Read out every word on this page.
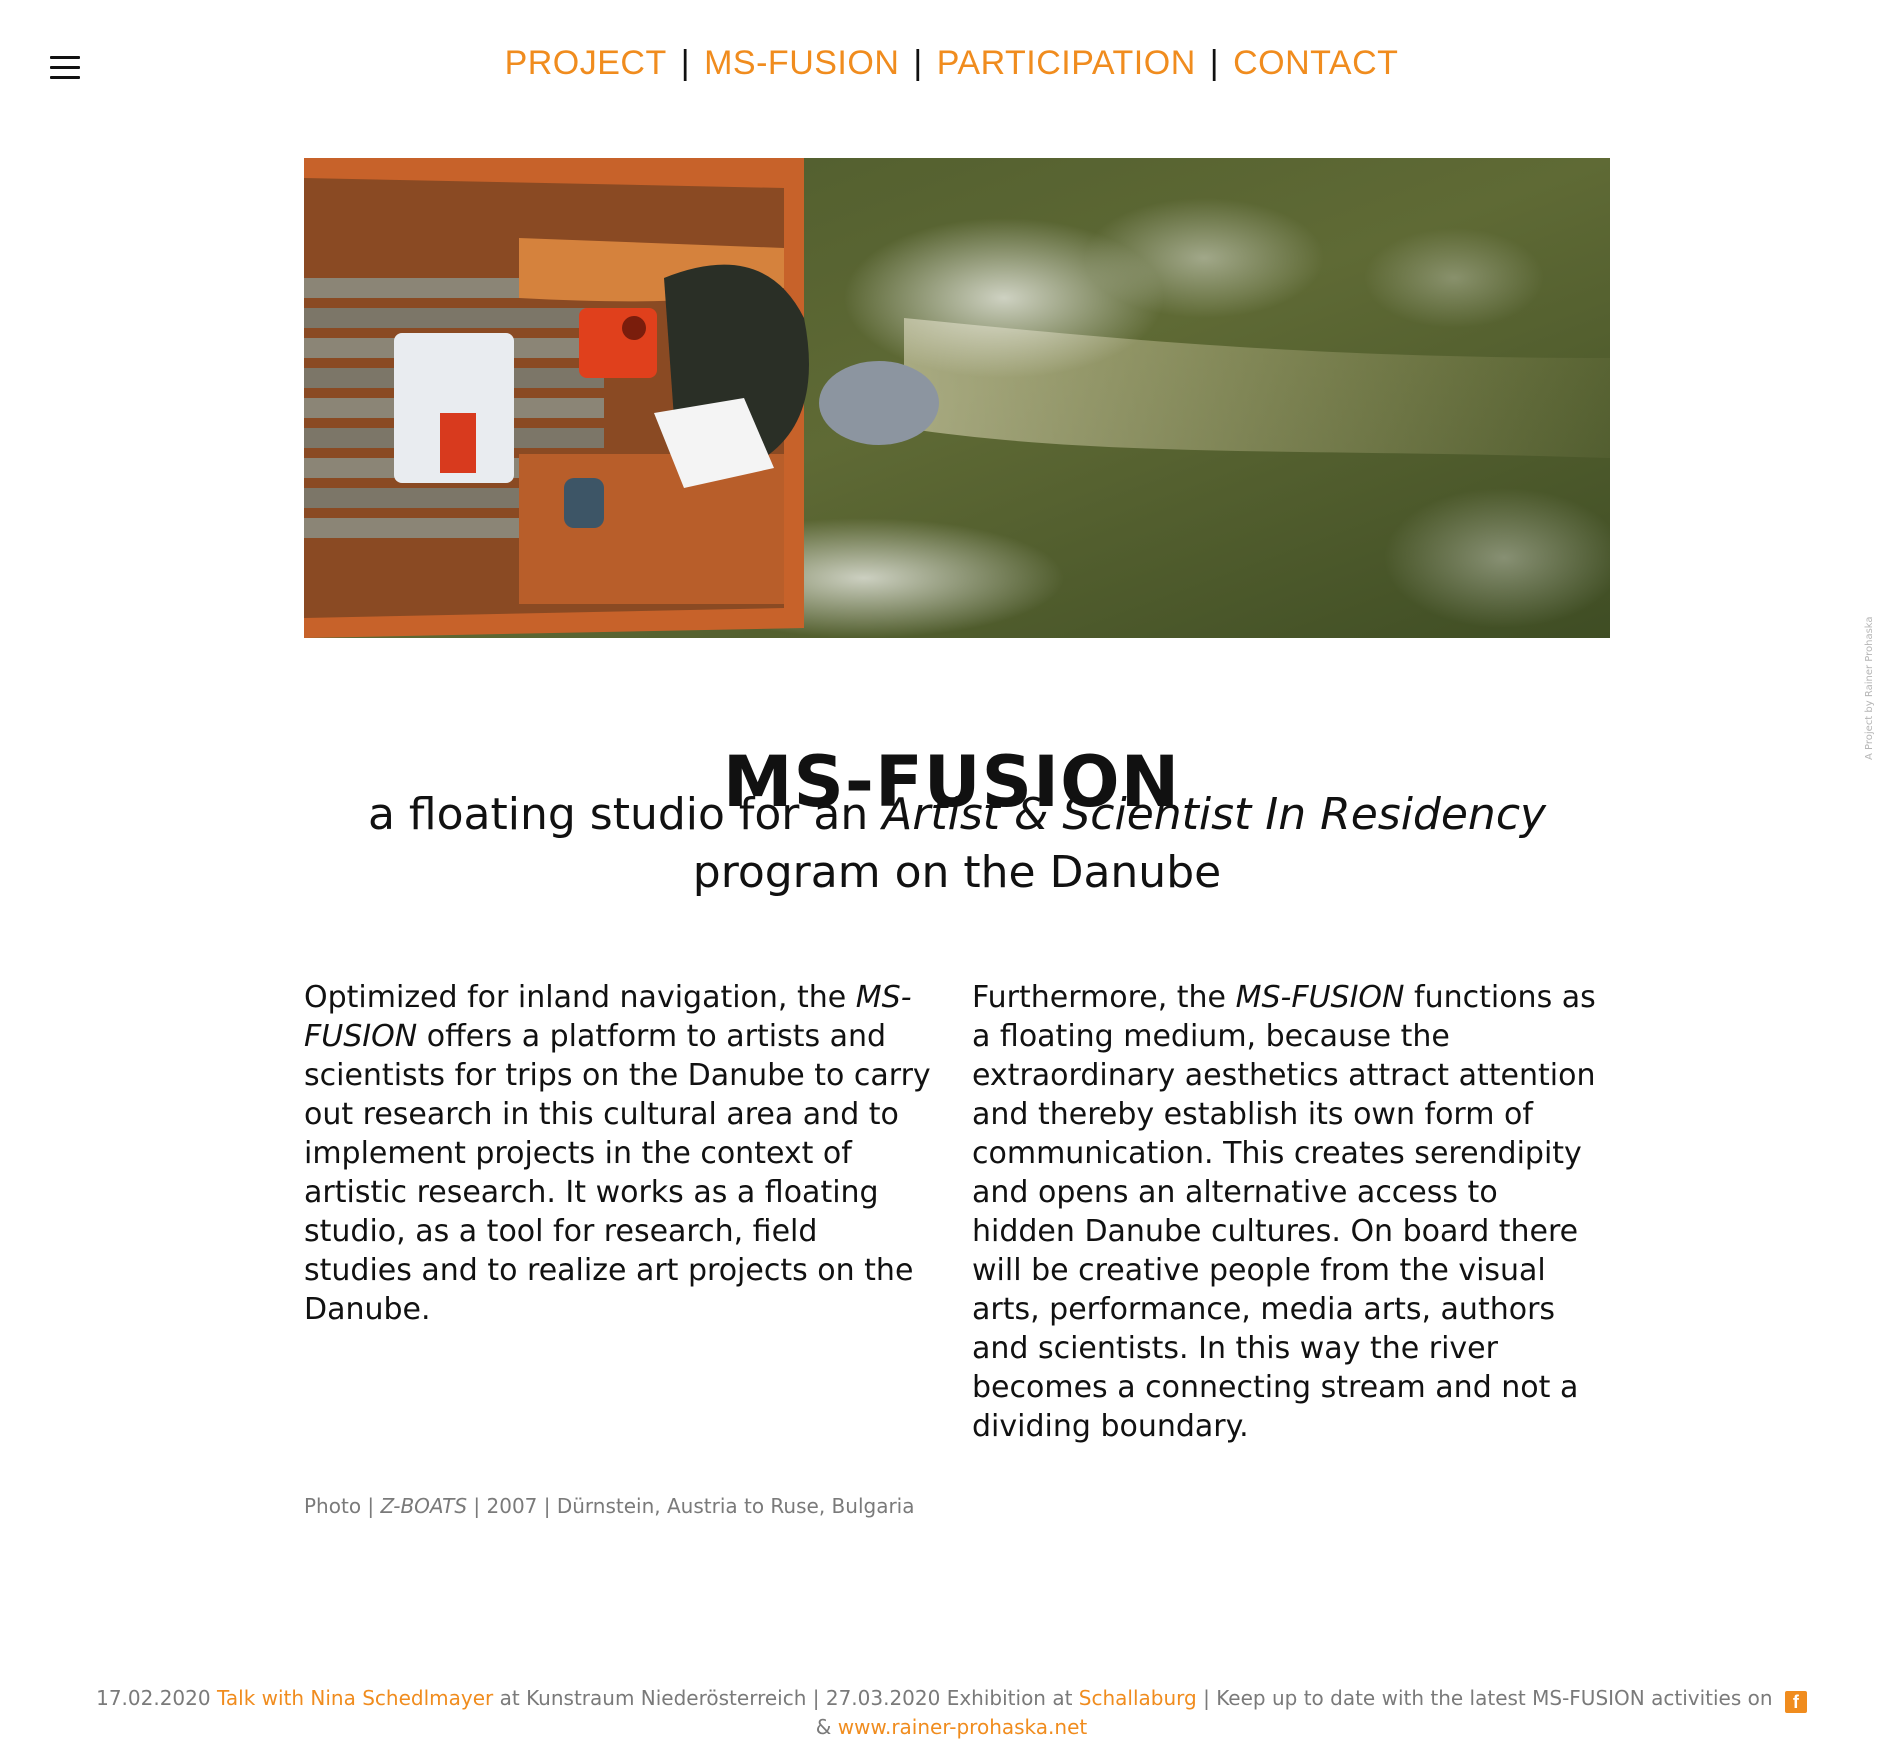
PROJECT | MS-FUSION | PARTICIPATION | CONTACT
MS-FUSION
a floating studio for an Artist & Scientist In Residency
program on the Danube
Optimized for inland navigation, the MS-FUSION offers a platform to artists and scientists for trips on the Danube to carry out research in this cultural area and to implement projects in the context of artistic research. It works as a floating studio, as a tool for research, field studies and to realize art projects on the Danube.
Furthermore, the MS-FUSION functions as a floating medium, because the extraordinary aesthetics attract attention and thereby establish its own form of communication. This creates serendipity and opens an alternative access to hidden Danube cultures. On board there will be creative people from the visual arts, performance, media arts, authors and scientists. In this way the river becomes a connecting stream and not a dividing boundary.
Photo | Z-BOATS | 2007 | Dürnstein, Austria to Ruse, Bulgaria
A Project by Rainer Prohaska
17.02.2020 Talk with Nina Schedlmayer at Kunstraum Niederösterreich | 27.03.2020 Exhibition at Schallaburg | Keep up to date with the latest MS-FUSION activities on f
& www.rainer-prohaska.net
